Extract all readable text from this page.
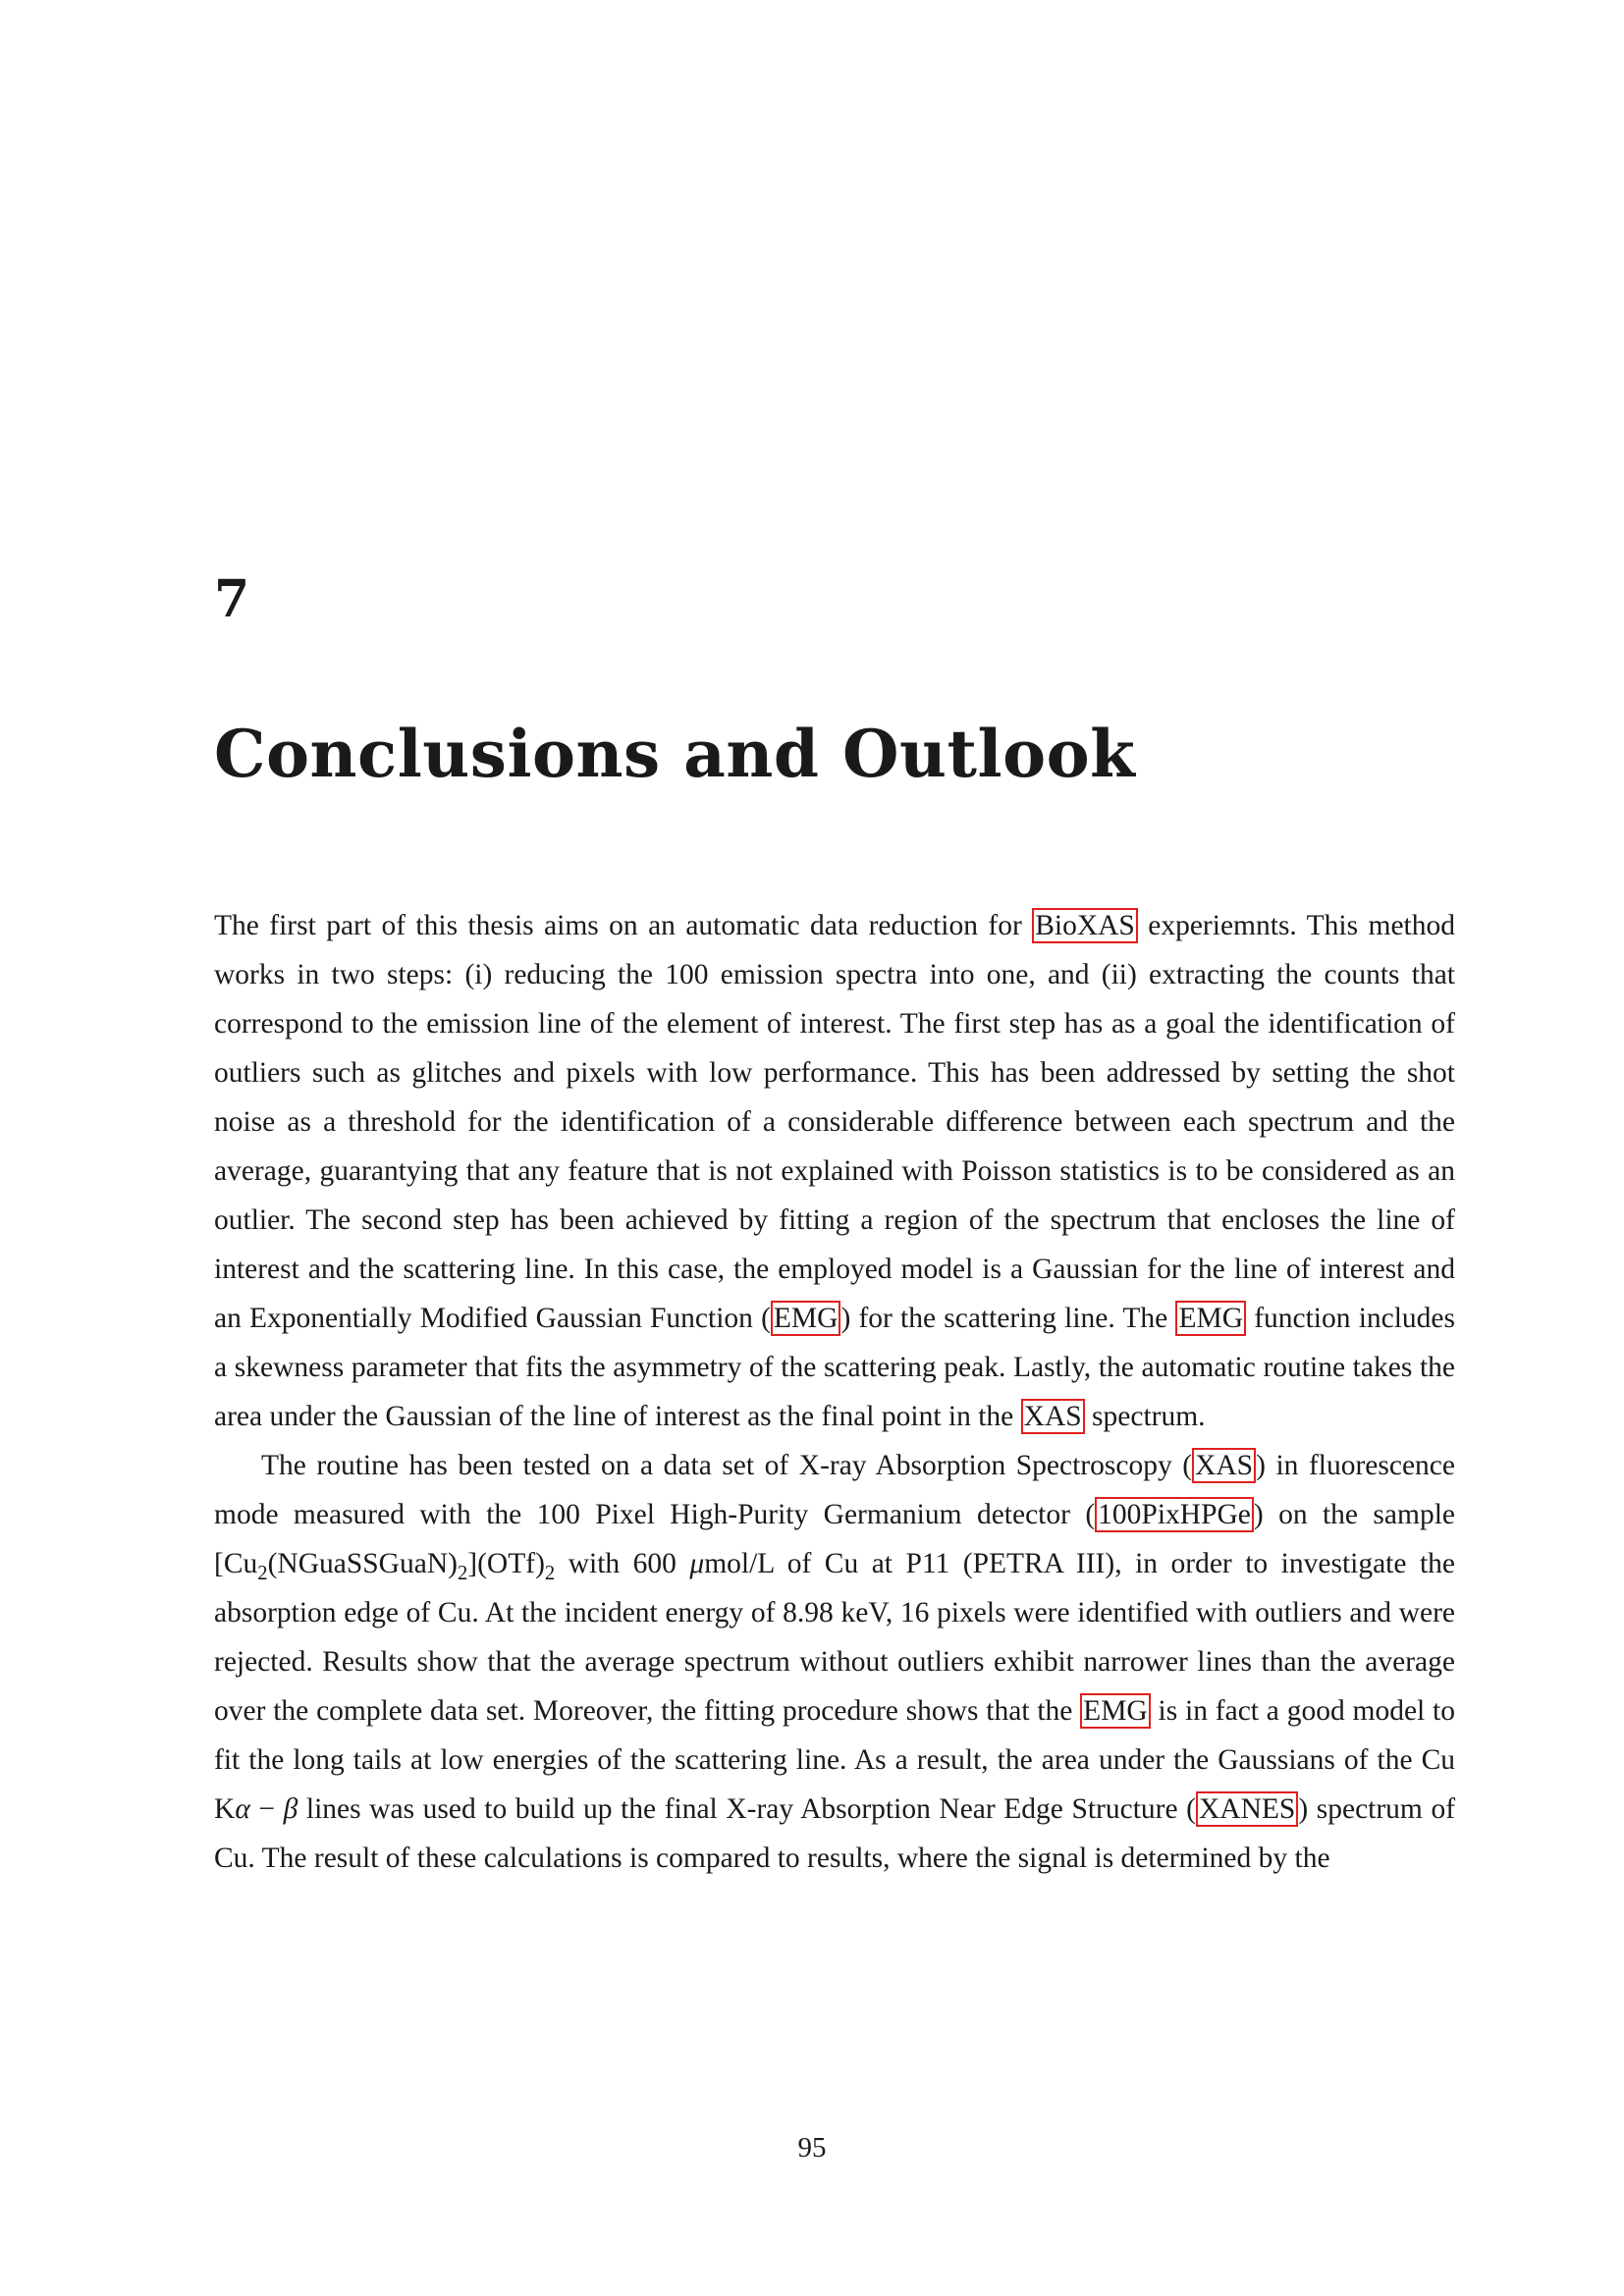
7
Conclusions and Outlook

The first part of this thesis aims on an automatic data reduction for BioXAS experiemnts. This method works in two steps: (i) reducing the 100 emission spectra into one, and (ii) extracting the counts that correspond to the emission line of the element of interest. The first step has as a goal the identification of outliers such as glitches and pixels with low performance. This has been addressed by setting the shot noise as a threshold for the identification of a considerable difference between each spectrum and the average, guarantying that any feature that is not explained with Poisson statistics is to be considered as an outlier. The second step has been achieved by fitting a region of the spectrum that encloses the line of interest and the scattering line. In this case, the employed model is a Gaussian for the line of interest and an Exponentially Modified Gaussian Function ( EMG ) for the scattering line. The EMG function includes a skewness parameter that fits the asymmetry of the scattering peak. Lastly, the automatic routine takes the area under the Gaussian of the line of interest as the final point in the XAS spectrum.

The routine has been tested on a data set of X-ray Absorption Spectroscopy ( XAS ) in fluorescence mode measured with the 100 Pixel High-Purity Germanium detector ( 100PixHPGe ) on the sample $[Cu_2(NGuaSSGuaN)_2](OTf)_2$ with 600 μmol/L of Cu at P11 (PETRA III), in order to investigate the absorption edge of Cu. At the incident energy of 8.98 keV, 16 pixels were identified with outliers and were rejected. Results show that the average spectrum without outliers exhibit narrower lines than the average over the complete data set. Moreover, the fitting procedure shows that the EMG is in fact a good model to fit the long tails at low energies of the scattering line. As a result, the area under the Gaussians of the Cu Kα − β lines was used to build up the final X-ray Absorption Near Edge Structure ( XANES ) spectrum of Cu. The result of these calculations is compared to results, where the signal is determined by the

95
